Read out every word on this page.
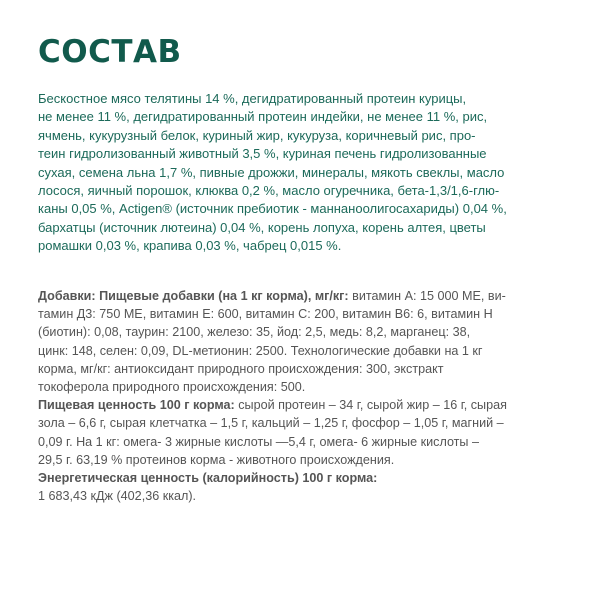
СОСТАВ
Бескостное мясо телятины 14 %, дегидратированный протеин курицы,
не менее 11 %, дегидратированный протеин индейки, не менее 11 %, рис,
ячмень, кукурузный белок, куриный жир, кукуруза, коричневый рис, про-
теин гидролизованный животный 3,5 %, куриная печень гидролизованные
сухая, семена льна 1,7 %, пивные дрожжи, минералы, мякоть свеклы, масло
лосося, яичный порошок, клюква 0,2 %, масло огуречника, бета-1,3/1,6-глю-
каны 0,05 %, Actigen® (источник пребиотик - маннаноолигосахариды) 0,04 %,
бархатцы (источник лютеина) 0,04 %, корень лопуха, корень алтея, цветы
ромашки 0,03 %, крапива 0,03 %, чабрец 0,015 %.
Добавки: Пищевые добавки (на 1 кг корма), мг/кг: витамин А: 15 000 МЕ, ви-
тамин Д3: 750 МЕ, витамин Е: 600, витамин С: 200, витамин B6: 6, витамин Н
(биотин): 0,08, таурин: 2100, железо: 35, йод: 2,5, медь: 8,2, марганец: 38,
цинк: 148, селен: 0,09, DL-метионин: 2500. Технологические добавки на 1 кг
корма, мг/кг: антиоксидант природного происхождения: 300, экстракт
токоферола природного происхождения: 500.
Пищевая ценность 100 г корма: сырой протеин – 34 г, сырой жир – 16 г, сырая
зола – 6,6 г, сырая клетчатка – 1,5 г, кальций – 1,25 г, фосфор – 1,05 г, магний –
0,09 г. На 1 кг: омега- 3 жирные кислоты —5,4 г, омега- 6 жирные кислоты –
29,5 г. 63,19 % протеинов корма - животного происхождения.
Энергетическая ценность (калорийность) 100 г корма:
1 683,43 кДж (402,36 ккал).
